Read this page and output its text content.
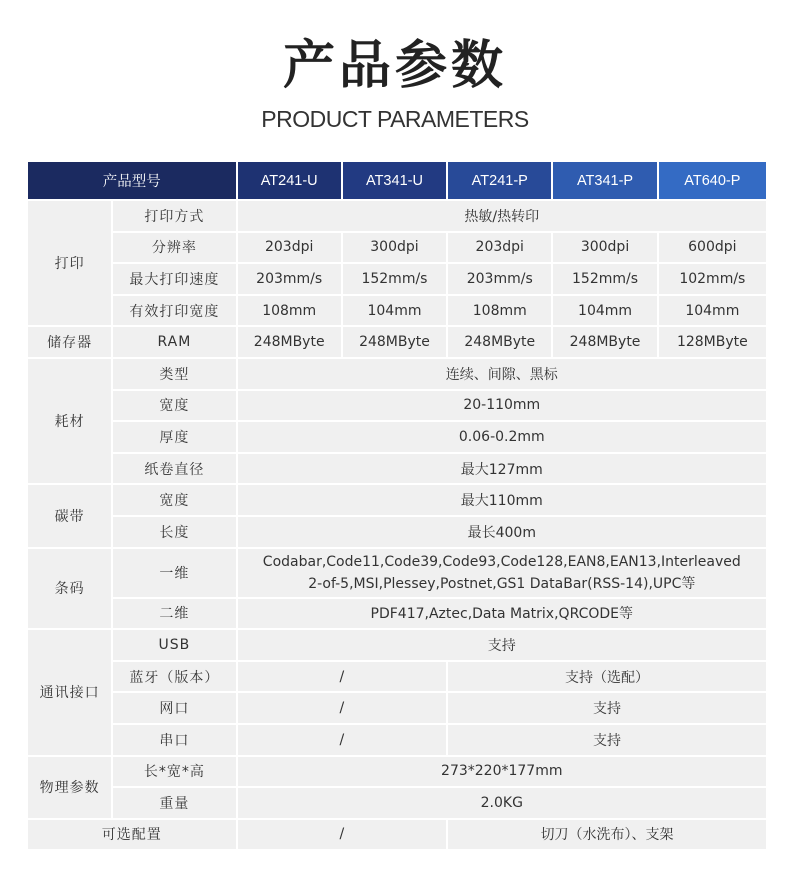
产品参数
PRODUCT PARAMETERS
产品型号		AT241-U	AT341-U	AT241-P	AT341-P	AT640-P
打印	打印方式	热敏/热转印				
	分辨率	203dpi	300dpi	203dpi	300dpi	600dpi
	最大打印速度	203mm/s	152mm/s	203mm/s	152mm/s	102mm/s
	有效打印宽度	108mm	104mm	108mm	104mm	104mm
储存器	RAM	248MByte	248MByte	248MByte	248MByte	128MByte
耗材	类型	连续、间隙、黑标				
	宽度	20-110mm				
	厚度	0.06-0.2mm				
	纸卷直径	最大127mm				
碳带	宽度	最大110mm				
	长度	最长400m				
条码	一维	Codabar,Code11,Code39,Code93,Code128,EAN8,EAN13,Interleaved
2-of-5,MSI,Plessey,Postnet,GS1 DataBar(RSS-14),UPC等				

	二维	PDF417,Aztec,Data Matrix,QRCODE等				
通讯接口	USB	支持				
	蓝牙（版本）	/		支持（选配）		
	网口	/		支持		
	串口	/		支持		
物理参数	长*宽*高	273*220*177mm				
	重量	2.0KG				
可选配置		/		切刀（水洗布）、支架		
